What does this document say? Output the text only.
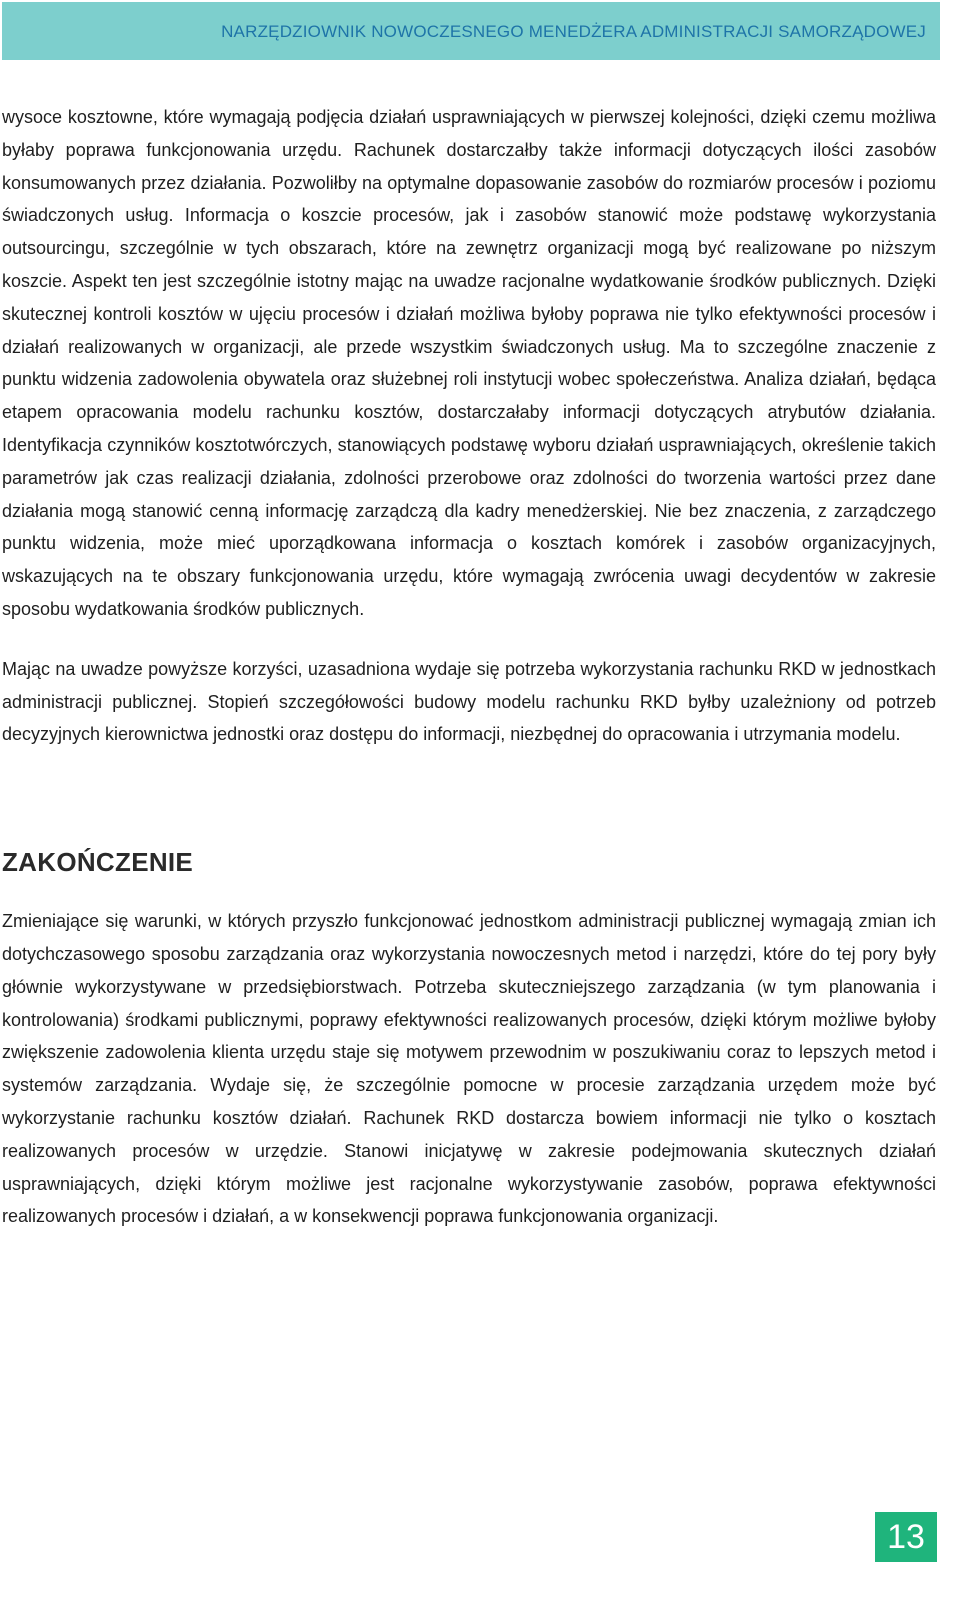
NARZĘDZIOWNIK NOWOCZESNEGO MENEDŻERA ADMINISTRACJI SAMORZĄDOWEJ

wysoce kosztowne, które wymagają podjęcia działań usprawniających w pierwszej kolejności, dzięki czemu możliwa byłaby poprawa funkcjonowania urzędu. Rachunek dostarczałby także informacji dotyczących ilości zasobów konsumowanych przez działania. Pozwoliłby na optymalne dopasowanie zasobów do rozmiarów procesów i poziomu świadczonych usług. Informacja o koszcie procesów, jak i zasobów stanowić może podstawę wykorzystania outsourcingu, szczególnie w tych obszarach, które na zewnętrz organizacji mogą być realizowane po niższym koszcie. Aspekt ten jest szczególnie istotny mając na uwadze racjonalne wydatkowanie środków publicznych. Dzięki skutecznej kontroli kosztów w ujęciu procesów i działań możliwa byłoby poprawa nie tylko efektywności procesów i działań realizowanych w organizacji, ale przede wszystkim świadczonych usług. Ma to szczególne znaczenie z punktu widzenia zadowolenia obywatela oraz służebnej roli instytucji wobec społeczeństwa. Analiza działań, będąca etapem opracowania modelu rachunku kosztów, dostarczałaby informacji dotyczących atrybutów działania. Identyfikacja czynników kosztotwórczych, stanowiących podstawę wyboru działań usprawniających, określenie takich parametrów jak czas realizacji działania, zdolności przerobowe oraz zdolności do tworzenia wartości przez dane działania mogą stanowić cenną informację zarządczą dla kadry menedżerskiej. Nie bez znaczenia, z zarządczego punktu widzenia, może mieć uporządkowana informacja o kosztach komórek i zasobów organizacyjnych, wskazujących na te obszary funkcjonowania urzędu, które wymagają zwrócenia uwagi decydentów w zakresie sposobu wydatkowania środków publicznych.

Mając na uwadze powyższe korzyści, uzasadniona wydaje się potrzeba wykorzystania rachunku RKD w jednostkach administracji publicznej. Stopień szczegółowości budowy modelu rachunku RKD byłby uzależniony od potrzeb decyzyjnych kierownictwa jednostki oraz dostępu do informacji, niezbędnej do opracowania i utrzymania modelu.

ZAKOŃCZENIE

Zmieniające się warunki, w których przyszło funkcjonować jednostkom administracji publicznej wymagają zmian ich dotychczasowego sposobu zarządzania oraz wykorzystania nowoczesnych metod i narzędzi, które do tej pory były głównie wykorzystywane w przedsiębiorstwach. Potrzeba skuteczniejszego zarządzania (w tym planowania i kontrolowania) środkami publicznymi, poprawy efektywności realizowanych procesów, dzięki którym możliwe byłoby zwiększenie zadowolenia klienta urzędu staje się motywem przewodnim w poszukiwaniu coraz to lepszych metod i systemów zarządzania. Wydaje się, że szczególnie pomocne w procesie zarządzania urzędem może być wykorzystanie rachunku kosztów działań. Rachunek RKD dostarcza bowiem informacji nie tylko o kosztach realizowanych procesów w urzędzie. Stanowi inicjatywę w zakresie podejmowania skutecznych działań usprawniających, dzięki którym możliwe jest racjonalne wykorzystywanie zasobów, poprawa efektywności realizowanych procesów i działań, a w konsekwencji poprawa funkcjonowania organizacji.

13
